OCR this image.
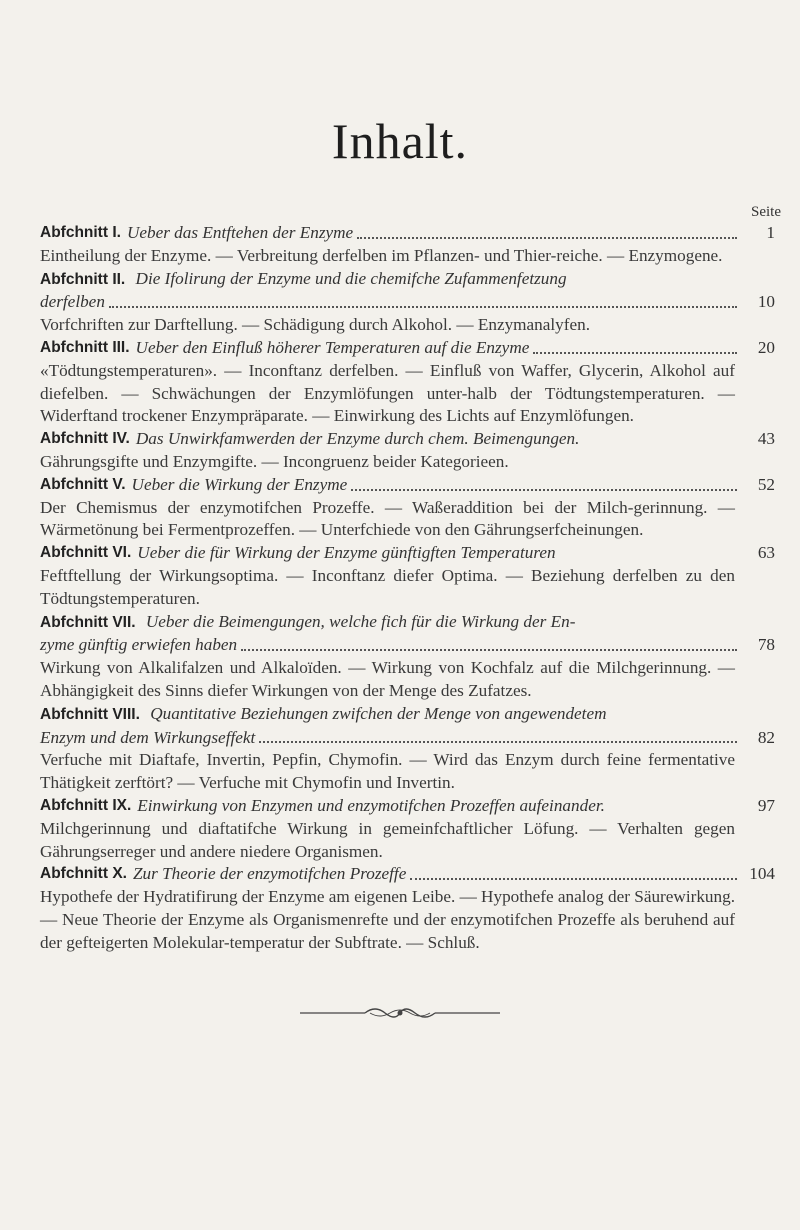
Inhalt.
Seite
Abfchnitt I. Ueber das Entftehen der Enzyme	1
Eintheilung der Enzyme. — Verbreitung derfelben im Pflanzen- und Thier-reiche. — Enzymogene.
Abfchnitt II. Die Ifolirung der Enzyme und die chemifche Zufammenfetzung
derfelben	10
Vorfchriften zur Darftellung. — Schädigung durch Alkohol. — Enzymanalyfen.
Abfchnitt III. Ueber den Einfluß höherer Temperaturen auf die Enzyme	20
«Tödtungstemperaturen». — Inconftanz derfelben. — Einfluß von Waffer, Glycerin, Alkohol auf diefelben. — Schwächungen der Enzymlöfungen unter-halb der Tödtungstemperaturen. — Widerftand trockener Enzympräparate. — Einwirkung des Lichts auf Enzymlöfungen.
Abfchnitt IV. Das Unwirkfamwerden der Enzyme durch chem. Beimengungen.	43
Gährungsgifte und Enzymgifte. — Incongruenz beider Kategorieen.
Abfchnitt V. Ueber die Wirkung der Enzyme	52
Der Chemismus der enzymotifchen Prozeffe. — Waßeraddition bei der Milch-gerinnung. — Wärmetönung bei Fermentprozeffen. — Unterfchiede von den Gährungserfcheinungen.
Abfchnitt VI. Ueber die für Wirkung der Enzyme günftigften Temperaturen	63
Feftftellung der Wirkungsoptima. — Inconftanz diefer Optima. — Beziehung derfelben zu den Tödtungstemperaturen.
Abfchnitt VII. Ueber die Beimengungen, welche fich für die Wirkung der En-
zyme günftig erwiefen haben	78
Wirkung von Alkalifalzen und Alkaloïden. — Wirkung von Kochfalz auf die Milchgerinnung. — Abhängigkeit des Sinns diefer Wirkungen von der Menge des Zufatzes.
Abfchnitt VIII. Quantitative Beziehungen zwifchen der Menge von angewendetem
Enzym und dem Wirkungseffekt	82
Verfuche mit Diaftafe, Invertin, Pepfin, Chymofin. — Wird das Enzym durch feine fermentative Thätigkeit zerftört? — Verfuche mit Chymofin und Invertin.
Abfchnitt IX. Einwirkung von Enzymen und enzymotifchen Prozeffen aufeinander.	97
Milchgerinnung und diaftatifche Wirkung in gemeinfchaftlicher Löfung. — Verhalten gegen Gährungserreger und andere niedere Organismen.
Abfchnitt X. Zur Theorie der enzymotifchen Prozeffe	104
Hypothefe der Hydratifirung der Enzyme am eigenen Leibe. — Hypothefe analog der Säurewirkung. — Neue Theorie der Enzyme als Organismenrefte und der enzymotifchen Prozeffe als beruhend auf der gefteigerten Molekular-temperatur der Subftrate. — Schluß.
